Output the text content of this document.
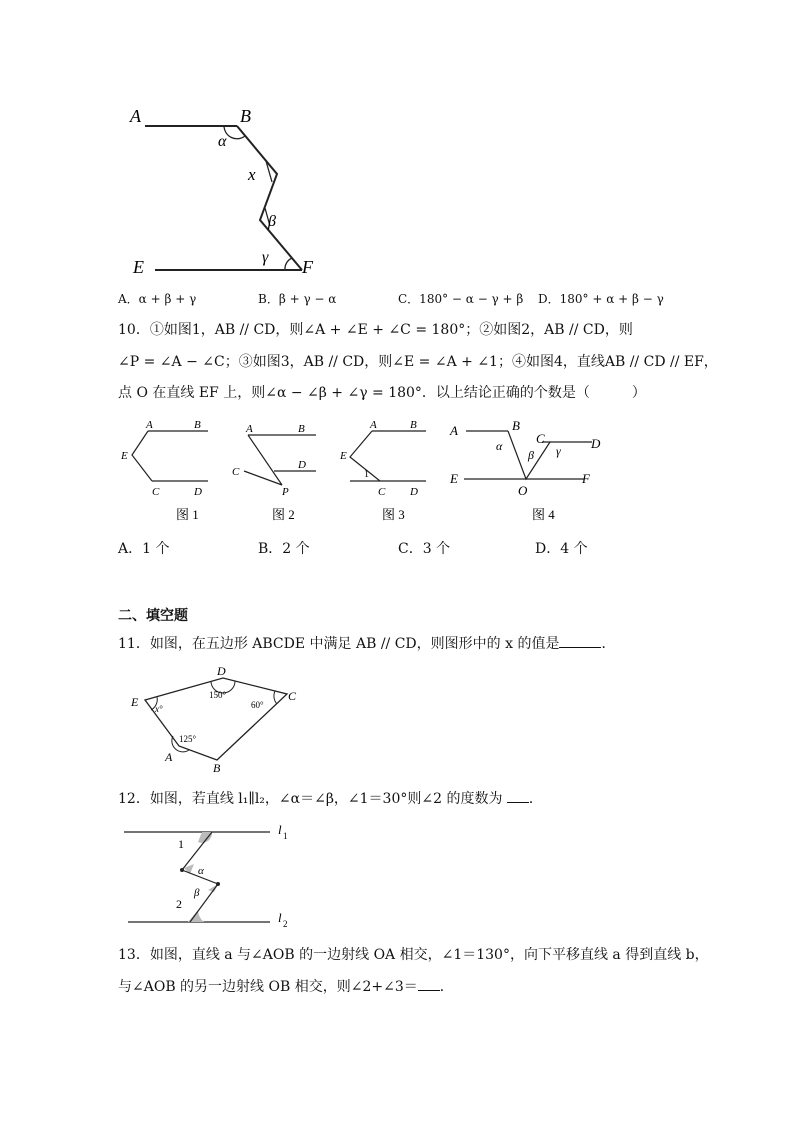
A	B
α
x
β
γ
E	F
A．α + β + γ	B．β + γ − α	C．180° − α − γ + β D．180° + α + β − γ
10．①如图1，AB // CD，则∠A + ∠E + ∠C = 180°；②如图2，AB // CD，则
∠P = ∠A − ∠C；③如图3，AB // CD，则∠E = ∠A + ∠1；④如图4，直线AB // CD // EF，
点 O 在直线 EF 上，则∠α − ∠β + ∠γ = 180°．以上结论正确的个数是（　　　）
A	B
E
C	D
图 1
A	B
C
D
P
图 2
A	B
E
1
C D
图 3
A	B
α	C	D
β γ
E
O
F
图 4
A．1 个	B．2 个	C．3 个	D．4 个
二、填空题
11．如图，在五边形 ABCDE 中满足 AB // CD，则图形中的 x 的值是	．
D
C
E
A
B
150°
60°
x°
125°
12．如图，若直线 l₁∥l₂，∠α＝∠β，∠1＝30°则∠2 的度数为 ．
l 1
l 2
1
α
β
2
13．如图，直线 a 与∠AOB 的一边射线 OA 相交，∠1＝130°，向下平移直线 a 得到直线 b，
与∠AOB 的另一边射线 OB 相交，则∠2+∠3＝ ．
